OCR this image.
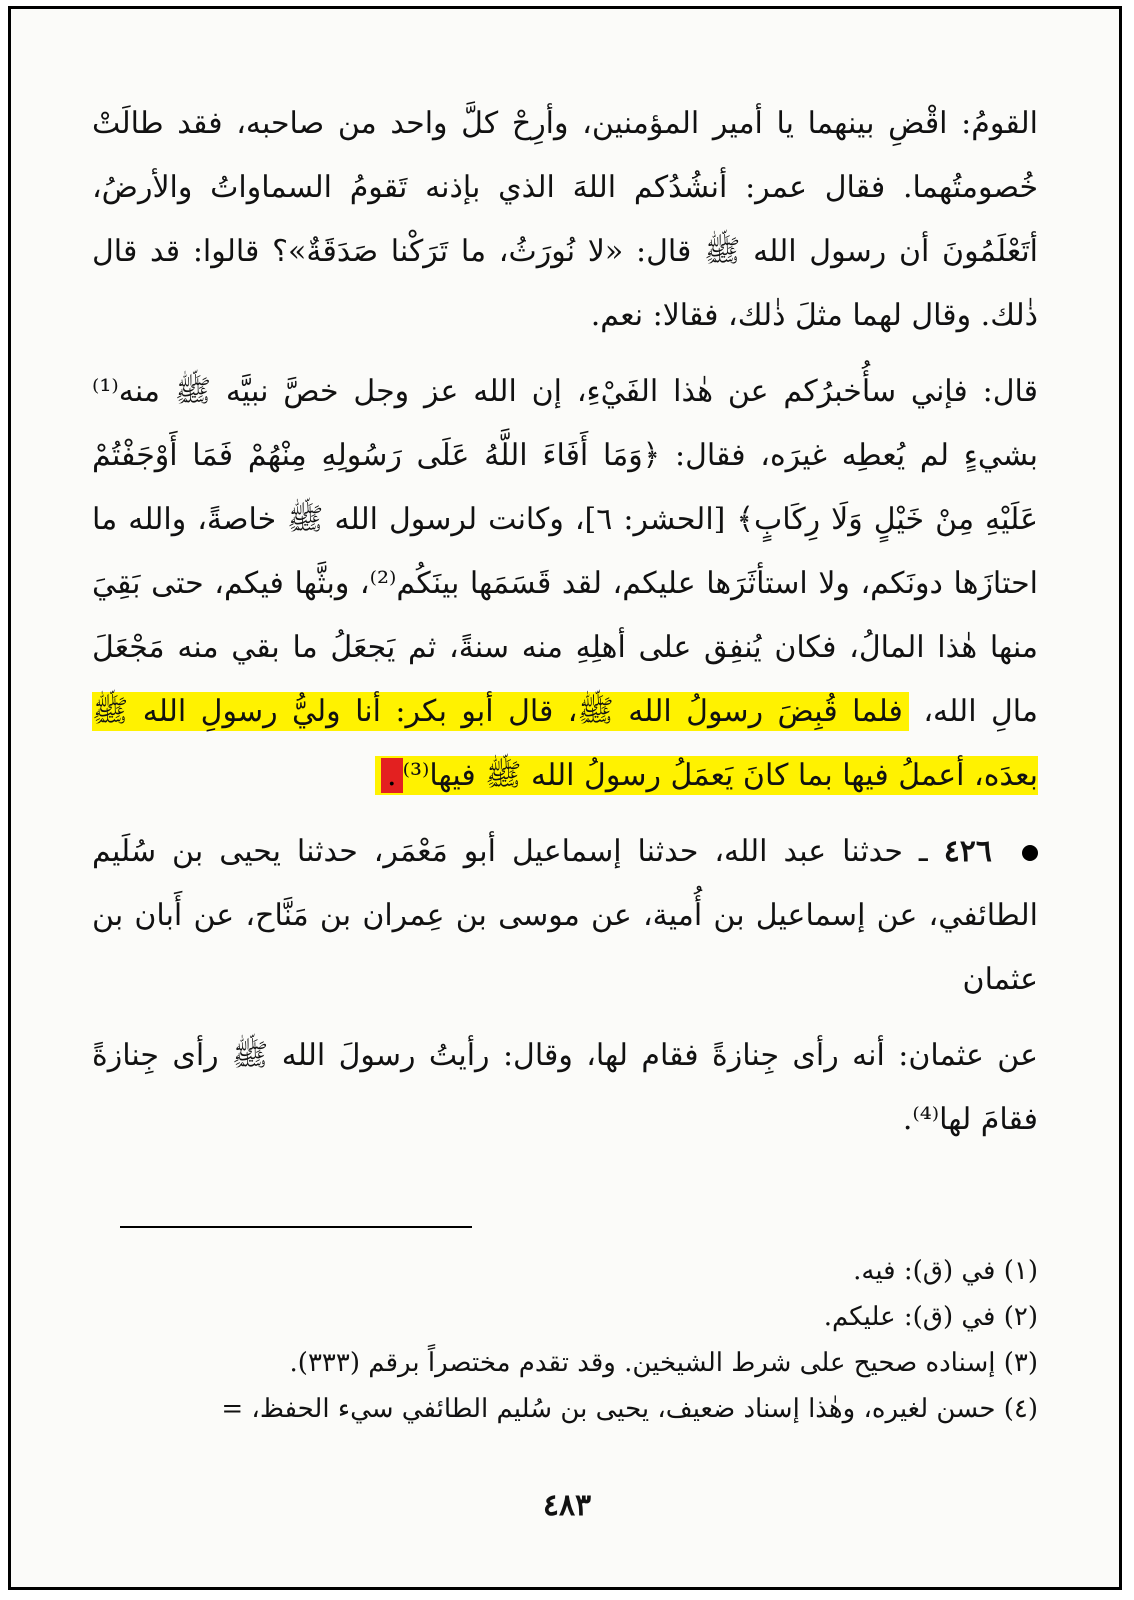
القومُ: اقْضِ بينهما يا أمير المؤمنين، وأرِحْ كلَّ واحد من صاحبه، فقد طالَتْ خُصومتُهما. فقال عمر: أنشُدُكم اللهَ الذي بإذنه تَقومُ السماواتُ والأرضُ، أتَعْلَمُونَ أن رسول الله ﷺ قال: «لا نُورَثُ، ما تَرَكْنا صَدَقَةٌ»؟ قالوا: قد قال ذٰلك. وقال لهما مثلَ ذٰلك، فقالا: نعم.

قال: فإني سأُخبرُكم عن هٰذا الفَيْءِ، إن الله عز وجل خصَّ نبيَّه ﷺ منه⁽¹⁾ بشيءٍ لم يُعطِه غيرَه، فقال: ﴿وَمَا أَفَاءَ اللَّهُ عَلَى رَسُولِهِ مِنْهُمْ فَمَا أَوْجَفْتُمْ عَلَيْهِ مِنْ خَيْلٍ وَلَا رِكَابٍ﴾ [الحشر: ٦]، وكانت لرسول الله ﷺ خاصةً، والله ما احتازَها دونَكم، ولا استأثَرَها عليكم، لقد قَسَمَها بينَكُم⁽²⁾، وبثَّها فيكم، حتى بَقِيَ منها هٰذا المالُ، فكان يُنفِق على أهلِهِ منه سنةً، ثم يَجعَلُ ما بقي منه مَجْعَلَ مالِ الله، فلما قُبِضَ رسولُ الله ﷺ، قال أبو بكر: أنا وليُّ رسولِ الله ﷺ بعدَه، أعملُ فيها بما كانَ يَعمَلُ رسولُ الله ﷺ فيها⁽³⁾.

٤٢٦ ـ حدثنا عبد الله، حدثنا إسماعيل أبو مَعْمَر، حدثنا يحيى بن سُلَيم الطائفي، عن إسماعيل بن أُمية، عن موسى بن عِمران بن مَنَّاح، عن أَبان بن عثمان

عن عثمان: أنه رأى جِنازةً فقام لها، وقال: رأيتُ رسولَ الله ﷺ رأى جِنازةً فقامَ لها⁽⁴⁾.

(١) في (ق): فيه.

(٢) في (ق): عليكم.

(٣) إسناده صحيح على شرط الشيخين. وقد تقدم مختصراً برقم (٣٣٣).

(٤) حسن لغيره، وهٰذا إسناد ضعيف، يحيى بن سُليم الطائفي سيء الحفظ، =

٤٨٣
